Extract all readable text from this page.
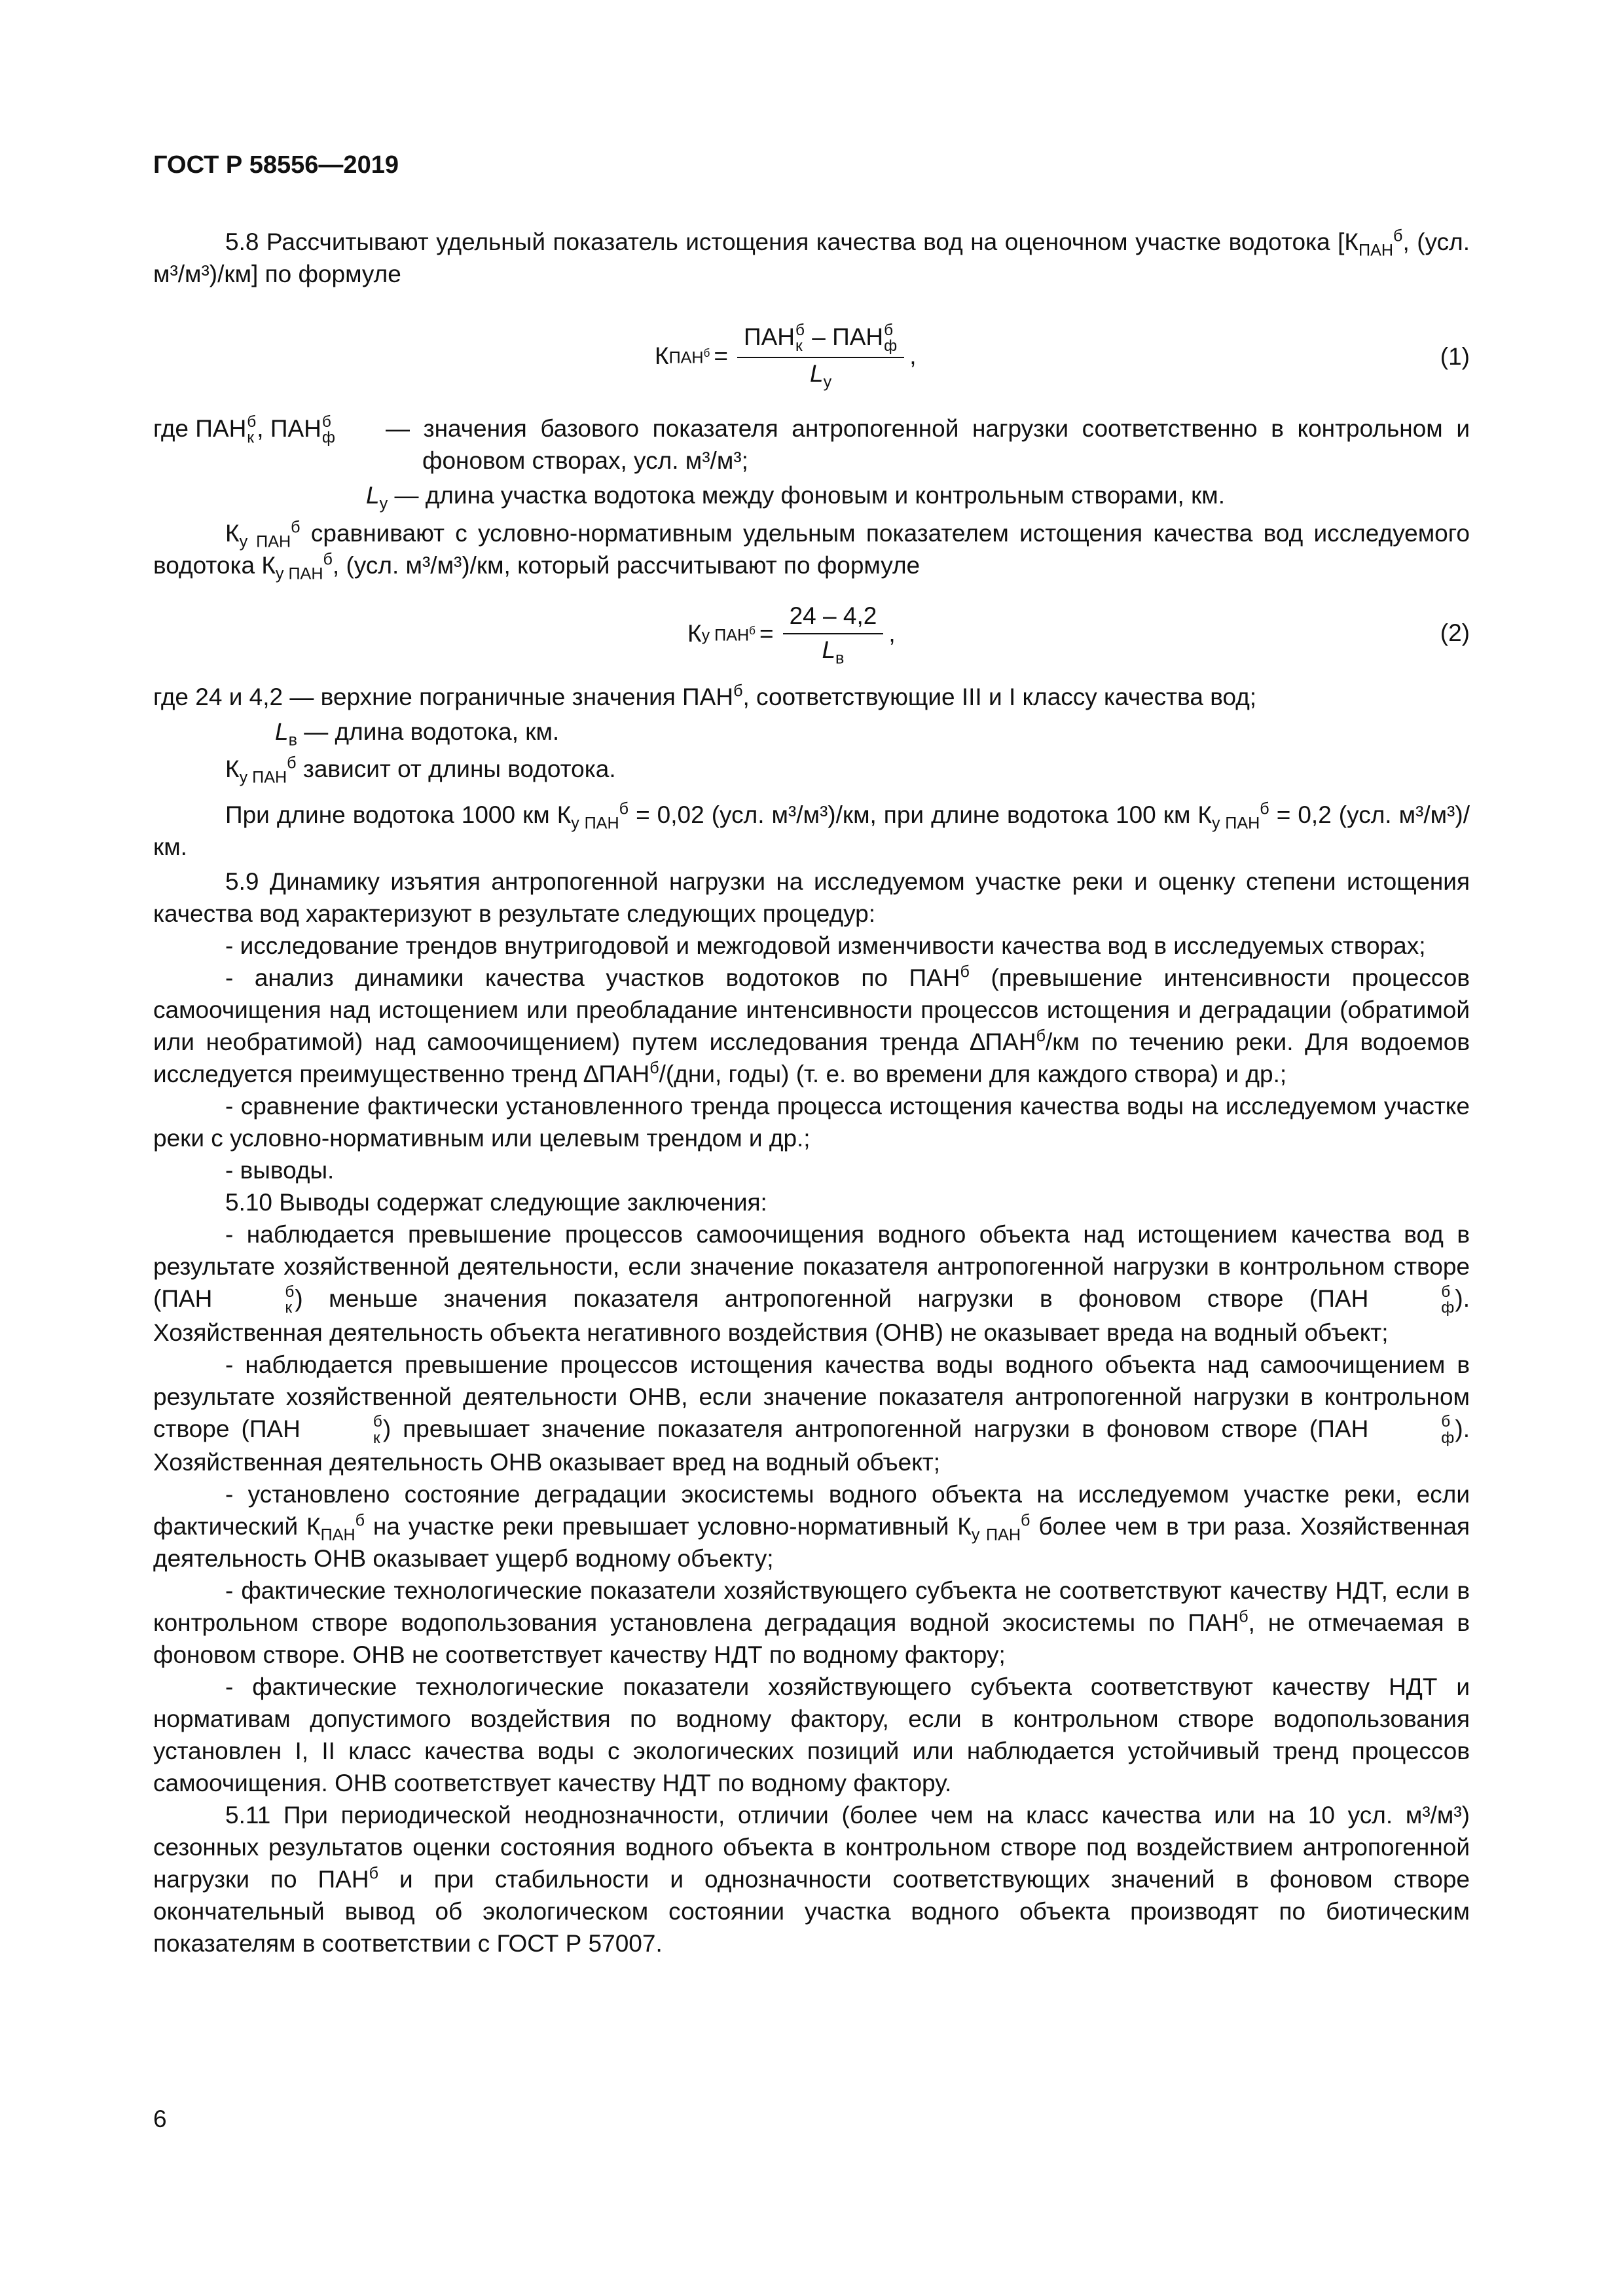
ГОСТ Р 58556—2019
5.8 Рассчитывают удельный показатель истощения качества вод на оценочном участке водотока [$К_{ПАН}^б$, (усл. м³/м³)/км] по формуле
К $ПАН^б$ = ПАН б
к – ПАН б
ф
$L_у$ ,	(1)
где ПАН б
к , ПАН б
ф — значения базового показателя антропогенной нагрузки соответственно в контрольном и фоновом створах, усл. м³/м³;
$L_у$ — длина участка водотока между фоновым и контрольным створами, км.
$К_{у ПАН}^б$ сравнивают с условно-нормативным удельным показателем истощения качества вод исследуемого водотока $К_{у ПАН}^б$, (усл. м³/м³)/км, который рассчитывают по формуле
К у $ПАН^б = \frac{24 - 4,2}{L_в}$ ,	(2)
где 24 и 4,2 — верхние пограничные значения $ПАН^б$, соответствующие III и I классу качества вод;
$L_в$ — длина водотока, км.
$К_{у ПАН}^б$ зависит от длины водотока.
При длине водотока 1000 км $К_{у ПАН}^б = 0,02$ (усл. м³/м³)/км, при длине водотока 100 км $К_{у ПАН}^б = 0,2$ (усл. м³/м³)/км.

5.9 Динамику изъятия антропогенной нагрузки на исследуемом участке реки и оценку степени истощения качества вод характеризуют в результате следующих процедур:

- исследование трендов внутригодовой и межгодовой изменчивости качества вод в исследуемых створах;

- анализ динамики качества участков водотоков по $ПАН^б$ (превышение интенсивности процессов самоочищения над истощением или преобладание интенсивности процессов истощения и деградации (обратимой или необратимой) над самоочищением) путем исследования тренда $\Delta ПАН^б/км$ по течению реки. Для водоемов исследуется преимущественно тренд $\Delta ПАН^б/(дни$, годы) (т. е. во времени для каждого створа) и др.;

- сравнение фактически установленного тренда процесса истощения качества воды на исследуемом участке реки с условно-нормативным или целевым трендом и др.;

- выводы.

5.10 Выводы содержат следующие заключения:

- наблюдается превышение процессов самоочищения водного объекта над истощением качества вод в результате хозяйственной деятельности, если значение показателя антропогенной нагрузки в контрольном створе (ПАН	б
к ) меньше значения показателя антропогенной нагрузки в фоновом створе (ПАН	б
ф ). Хозяйственная деятельность объекта негативного воздействия (ОНВ) не оказывает вреда на водный объект;

- наблюдается превышение процессов истощения качества воды водного объекта над самоочищением в результате хозяйственной деятельности ОНВ, если значение показателя антропогенной нагрузки в контрольном створе (ПАН	б
к ) превышает значение показателя антропогенной нагрузки в фоновом створе (ПАН	б
ф ). Хозяйственная деятельность ОНВ оказывает вред на водный объект;

- установлено состояние деградации экосистемы водного объекта на исследуемом участке реки, если фактический $К_{ПАН}^б$ на участке реки превышает условно-нормативный $К_{у ПАН}^б$ более чем в три раза. Хозяйственная деятельность ОНВ оказывает ущерб водному объекту;

- фактические технологические показатели хозяйствующего субъекта не соответствуют качеству НДТ, если в контрольном створе водопользования установлена деградация водной экосистемы по $ПАН^б$, не отмечаемая в фоновом створе. ОНВ не соответствует качеству НДТ по водному фактору;

- фактические технологические показатели хозяйствующего субъекта соответствуют качеству НДТ и нормативам допустимого воздействия по водному фактору, если в контрольном створе водопользования установлен I, II класс качества воды с экологических позиций или наблюдается устойчивый тренд процессов самоочищения. ОНВ соответствует качеству НДТ по водному фактору.

5.11 При периодической неоднозначности, отличии (более чем на класс качества или на 10 усл. м³/м³) сезонных результатов оценки состояния водного объекта в контрольном створе под воздействием антропогенной нагрузки по $ПАН^б$ и при стабильности и однозначности соответствующих значений в фоновом створе окончательный вывод об экологическом состоянии участка водного объекта производят по биотическим показателям в соответствии с ГОСТ Р 57007.

6
